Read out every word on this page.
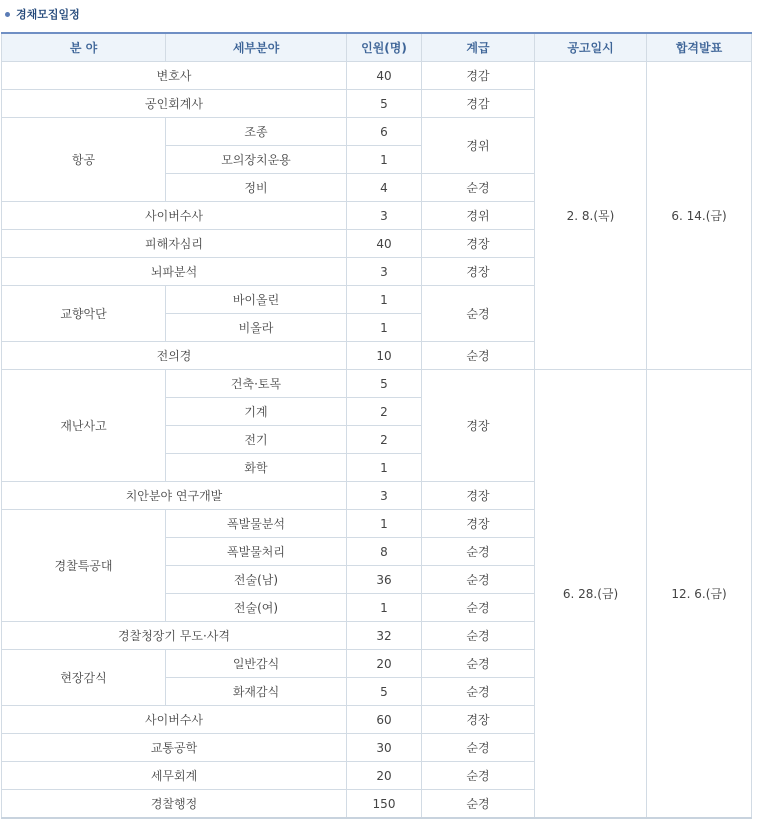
경채모집일정
분 야	세부분야	인원(명)	계급	공고일시	합격발표
변호사		40	경감	2. 8.(목)	6. 14.(금)
공인회계사		5	경감		
항공	조종	6	경위		
	모의장치운용	1			
	정비	4	순경		
사이버수사		3	경위		
피해자심리		40	경장		
뇌파분석		3	경장		
교향악단	바이올린	1	순경		
	비올라	1			
전의경		10	순경		
재난사고	건축·토목	5	경장	6. 28.(금)	12. 6.(금)
	기계	2			
	전기	2			
	화학	1			
치안분야 연구개발		3	경장		
경찰특공대	폭발물분석	1	경장		
	폭발물처리	8	순경		
	전술(남)	36	순경		
	전술(여)	1	순경		
경찰청장기 무도·사격		32	순경		
현장감식	일반감식	20	순경		
	화재감식	5	순경		
사이버수사		60	경장		
교통공학		30	순경		
세무회계		20	순경		
경찰행정		150	순경		
